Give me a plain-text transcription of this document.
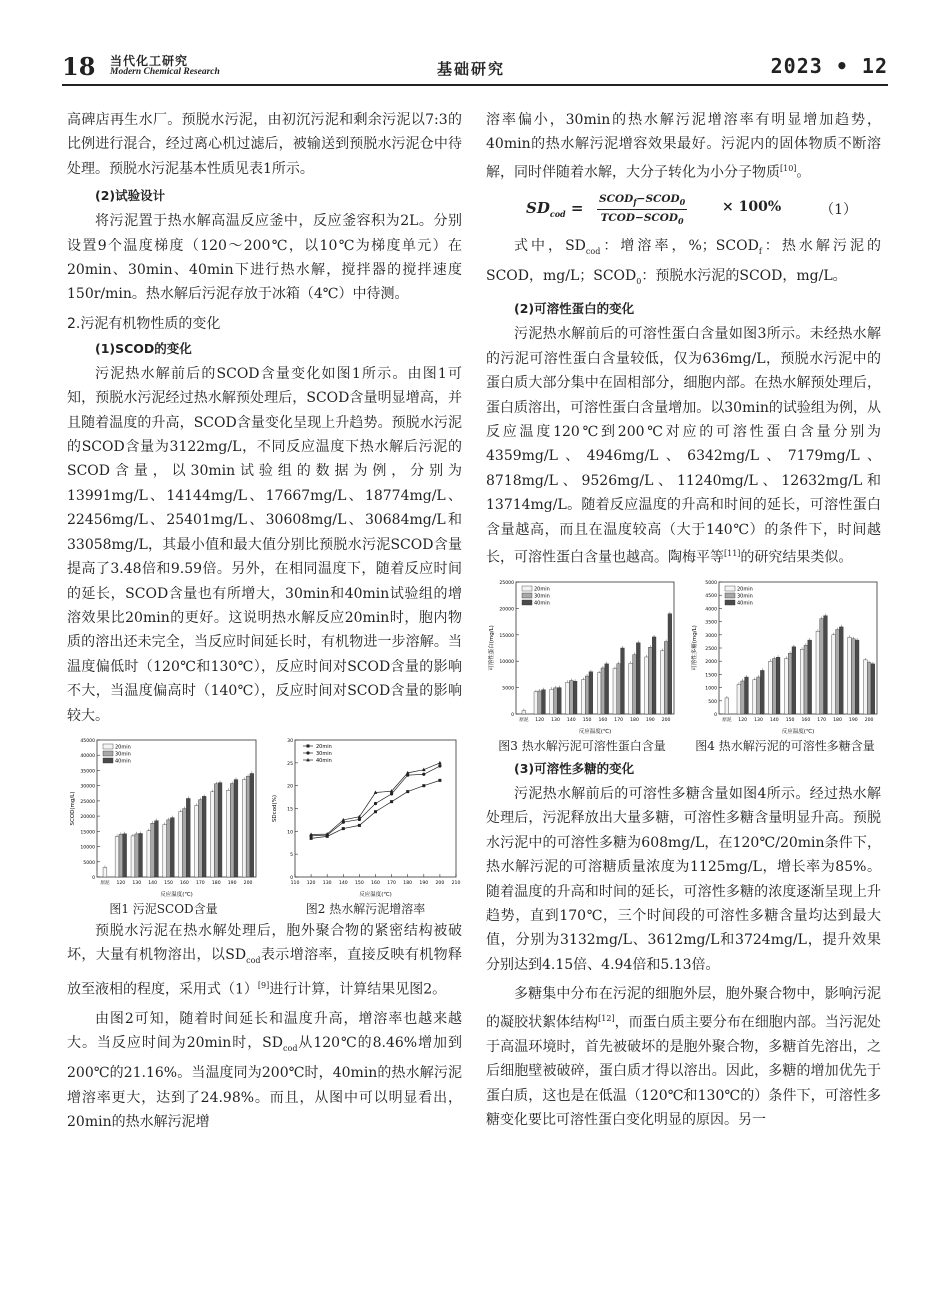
18 当代化工研究
Modern Chemical Research	基础研究	2023 • 12

高碑店再生水厂。预脱水污泥，由初沉污泥和剩余污泥以7:3的比例进行混合，经过离心机过滤后，被输送到预脱水污泥仓中待处理。预脱水污泥基本性质见表1所示。

(2)试验设计

将污泥置于热水解高温反应釜中，反应釜容积为2L。分别设置9个温度梯度（120～200℃，以10℃为梯度单元）在20min、30min、40min下进行热水解，搅拌器的搅拌速度150r/min。热水解后污泥存放于冰箱（4℃）中待测。

2.污泥有机物性质的变化
(1)SCOD的变化

污泥热水解前后的SCOD含量变化如图1所示。由图1可知，预脱水污泥经过热水解预处理后，SCOD含量明显增高，并且随着温度的升高，SCOD含量变化呈现上升趋势。预脱水污泥的SCOD含量为3122mg/L，不同反应温度下热水解后污泥的SCOD含量，以30min试验组的数据为例，分别为13991mg/L、14144mg/L、17667mg/L、18774mg/L、22456mg/L、25401mg/L、30608mg/L、30684mg/L和33058mg/L，其最小值和最大值分别比预脱水污泥SCOD含量提高了3.48倍和9.59倍。另外，在相同温度下，随着反应时间的延长，SCOD含量也有所增大，30min和40min试验组的增溶效果比20min的更好。这说明热水解反应20min时，胞内物质的溶出还未完全，当反应时间延长时，有机物进一步溶解。当温度偏低时（120℃和130℃），反应时间对SCOD含量的影响不大，当温度偏高时（140℃），反应时间对SCOD含量的影响较大。

0
5000
10000
15000
20000
25000
30000
35000
40000
45000
SCOD(mg/L)
反应温度(℃)
原泥 120 130 140 150 160 170 180 190 200
20min
30min
40min
图1 污泥SCOD含量
0
5
10
15
20
25
30
SDcod(%)
反应温度(℃)
110 120 130 140 150 160 170 180 190 200 210
20min
30min
40min
图2 热水解污泥增溶率

预脱水污泥在热水解处理后，胞外聚合物的紧密结构被破坏，大量有机物溶出，以$SD_{cod}$表示增溶率，直接反映有机物释放至液相的程度，采用式（1）[9]进行计算，计算结果见图2。

由图2可知，随着时间延长和温度升高，增溶率也越来越大。当反应时间为20min时，$SD_{cod}$从120℃的8.46%增加到200℃的21.16%。当温度同为200℃时，40min的热水解污泥增溶率更大，达到了24.98%。而且，从图中可以明显看出，20min的热水解污泥增

溶率偏小，30min的热水解污泥增溶率有明显增加趋势，40min的热水解污泥增容效果最好。污泥内的固体物质不断溶解，同时伴随着水解，大分子转化为小分子物质[10]。

$SD_{cod}$ = $SCOD_f-SCOD_0$
$TCOD-SCOD_0$
× 100%	（1）

式中，$SD_{cod}$：增溶率，%；$SCOD_f$：热水解污泥的SCOD，mg/L；$SCOD_0$：预脱水污泥的SCOD，mg/L。

(2)可溶性蛋白的变化

污泥热水解前后的可溶性蛋白含量如图3所示。未经热水解的污泥可溶性蛋白含量较低，仅为636mg/L，预脱水污泥中的蛋白质大部分集中在固相部分，细胞内部。在热水解预处理后，蛋白质溶出，可溶性蛋白含量增加。以30min的试验组为例，从反应温度120℃到200℃对应的可溶性蛋白含量分别为4359mg/L、4946mg/L、6342mg/L、7179mg/L、8718mg/L、9526mg/L、11240mg/L、12632mg/L和13714mg/L。随着反应温度的升高和时间的延长，可溶性蛋白含量越高，而且在温度较高（大于140℃）的条件下，时间越长，可溶性蛋白含量也越高。陶梅平等[11]的研究结果类似。

0
5000
10000
15000
20000
25000
可溶性蛋白(mg/L)
反应温度(℃)
原泥 120 130 140 150 160 170 180 190 200
20min
30min
40min
图3 热水解污泥可溶性蛋白含量
0
500
1000
1500
2000
2500
3000
3500
4000
4500
5000
可溶性多糖(mg/L)
反应温度(℃)
原泥 120 130 140 150 160 170 180 190 200
20min
30min
40min
图4 热水解污泥的可溶性多糖含量
(3)可溶性多糖的变化

污泥热水解前后的可溶性多糖含量如图4所示。经过热水解处理后，污泥释放出大量多糖，可溶性多糖含量明显升高。预脱水污泥中的可溶性多糖为608mg/L，在120℃/20min条件下，热水解污泥的可溶糖质量浓度为1125mg/L，增长率为85%。随着温度的升高和时间的延长，可溶性多糖的浓度逐渐呈现上升趋势，直到170℃，三个时间段的可溶性多糖含量均达到最大值，分别为3132mg/L、3612mg/L和3724mg/L，提升效果分别达到4.15倍、4.94倍和5.13倍。

多糖集中分布在污泥的细胞外层，胞外聚合物中，影响污泥的凝胶状絮体结构[12]，而蛋白质主要分布在细胞内部。当污泥处于高温环境时，首先被破坏的是胞外聚合物，多糖首先溶出，之后细胞壁被破碎，蛋白质才得以溶出。因此，多糖的增加优先于蛋白质，这也是在低温（120℃和130℃的）条件下，可溶性多糖变化要比可溶性蛋白变化明显的原因。另一
